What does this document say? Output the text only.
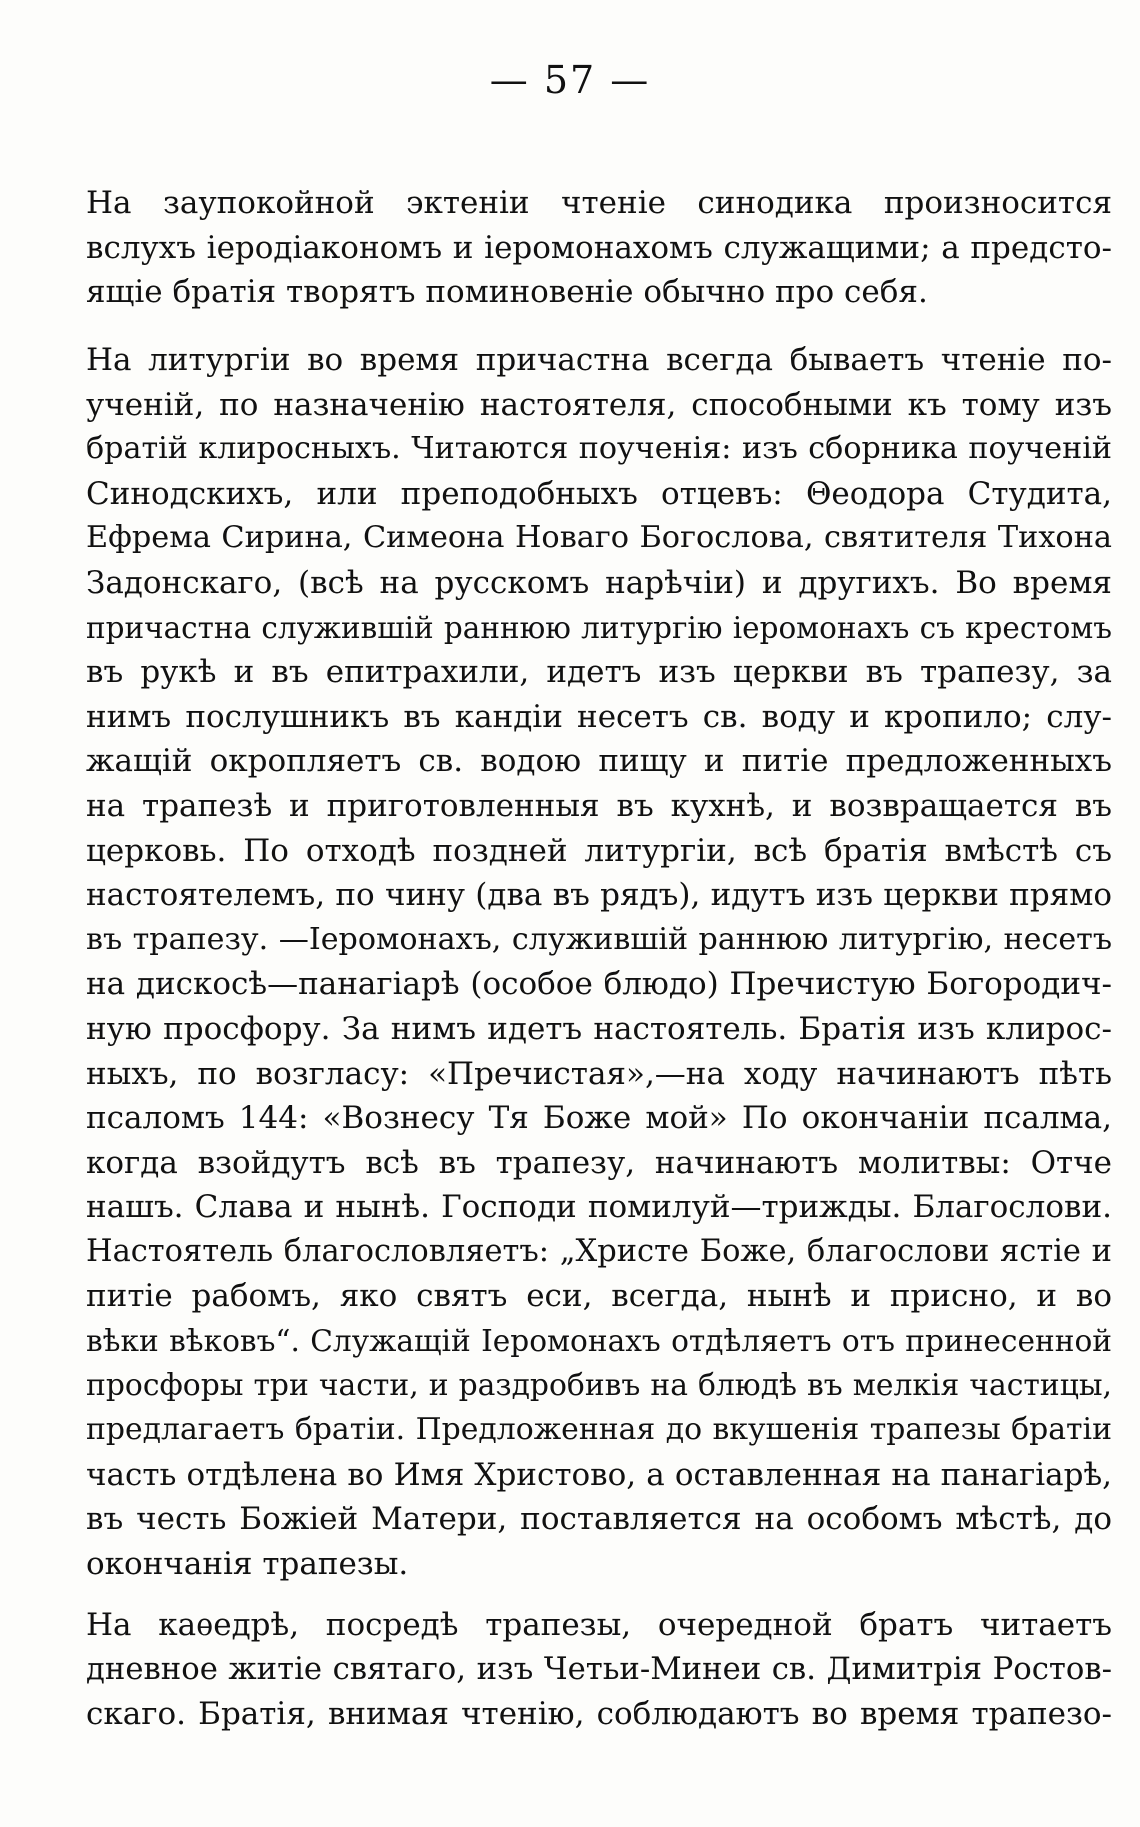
— 57 —
На заупокойной эктеніи чтеніе синодика произносится
вслухъ іеродіакономъ и іеромонахомъ служащими; а предсто-
ящіе братія творятъ поминовеніе обычно про себя.
На литургіи во время причастна всегда бываетъ чтеніе по-
ученій, по назначенію настоятеля, способными къ тому изъ
братій клиросныхъ. Читаются поученія: изъ сборника поученій
Синодскихъ, или преподобныхъ отцевъ: Θеодора Студита,
Ефрема Сирина, Симеона Новаго Богослова, святителя Тихона
Задонскаго, (всѣ на русскомъ нарѣчіи) и другихъ. Во время
причастна служившій раннюю литургію іеромонахъ съ крестомъ
въ рукѣ и въ епитрахили, идетъ изъ церкви въ трапезу, за
нимъ послушникъ въ кандіи несетъ св. воду и кропило; слу-
жащій окропляетъ св. водою пищу и питіе предложенныхъ
на трапезѣ и приготовленныя въ кухнѣ, и возвращается въ
церковь. По отходѣ поздней литургіи, всѣ братія вмѣстѣ съ
настоятелемъ, по чину (два въ рядъ), идутъ изъ церкви прямо
въ трапезу. —Іеромонахъ, служившій раннюю литургію, несетъ
на дискосѣ—панагіарѣ (особое блюдо) Пречистую Богородич-
ную просфору. За нимъ идетъ настоятель. Братія изъ клирос-
ныхъ, по возгласу: «Пречистая»,—на ходу начинаютъ пѣть
псаломъ 144: «Вознесу Тя Боже мой» По окончаніи псалма,
когда взойдутъ всѣ въ трапезу, начинаютъ молитвы: Отче
нашъ. Слава и нынѣ. Господи помилуй—трижды. Благослови.
Настоятель благословляетъ: „Христе Боже, благослови ястіе и
питіе рабомъ, яко святъ еси, всегда, нынѣ и присно, и во
вѣки вѣковъ“. Служащій Іеромонахъ отдѣляетъ отъ принесенной
просфоры три части, и раздробивъ на блюдѣ въ мелкія частицы,
предлагаетъ братіи. Предложенная до вкушенія трапезы братіи
часть отдѣлена во Имя Христово, а оставленная на панагіарѣ,
въ честь Божіей Матери, поставляется на особомъ мѣстѣ, до
окончанія трапезы.
На каѳедрѣ, посредѣ трапезы, очередной братъ читаетъ
дневное житіе святаго, изъ Четьи-Минеи св. Димитрія Ростов-
скаго. Братія, внимая чтенію, соблюдаютъ во время трапезо-
